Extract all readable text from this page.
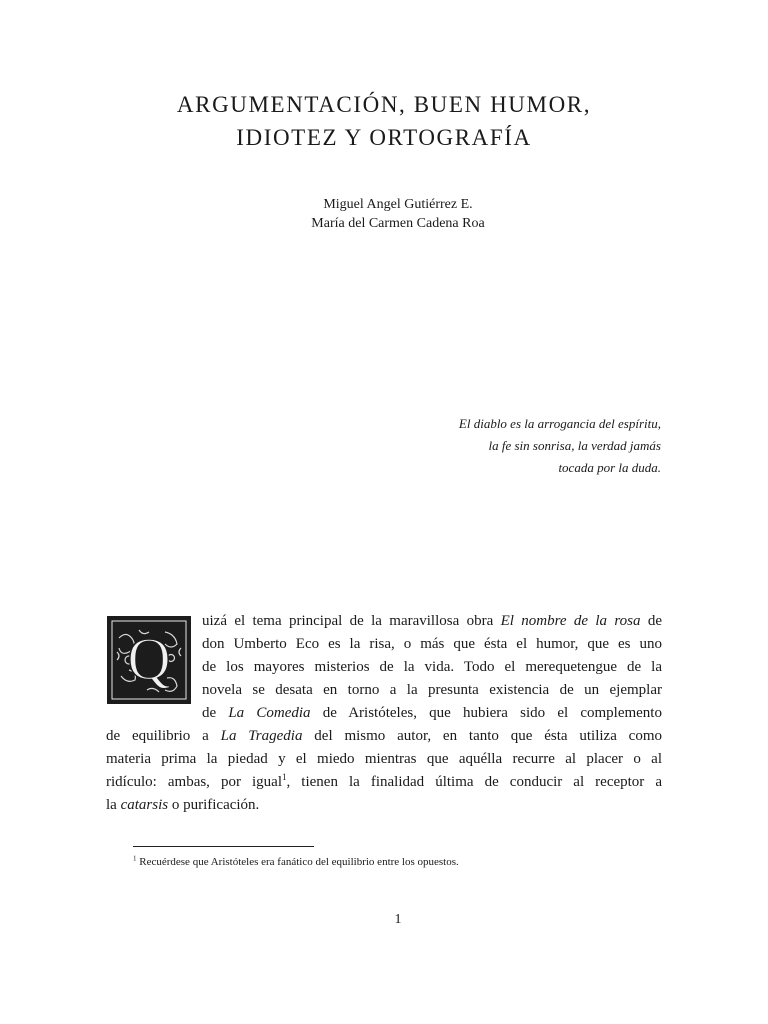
ARGUMENTACIÓN, BUEN HUMOR,
IDIOTEZ Y ORTOGRAFÍA
Miguel Angel Gutiérrez E.
María del Carmen Cadena Roa
El diablo es la arrogancia del espíritu,
la fe sin sonrisa, la verdad jamás
tocada por la duda.
Q
uizá el tema principal de la maravillosa obra El nombre de la rosa de
don Umberto Eco es la risa, o más que ésta el humor, que es uno
de los mayores misterios de la vida. Todo el merequetengue de la
novela se desata en torno a la presunta existencia de un ejemplar
de La Comedia de Aristóteles, que hubiera sido el complemento
de equilibrio a La Tragedia del mismo autor, en tanto que ésta utiliza como
materia prima la piedad y el miedo mientras que aquélla recurre al placer o al
ridículo: ambas, por igual$^1$, tienen la finalidad última de conducir al receptor a
la catarsis o purificación.
$^1$ Recuérdese que Aristóteles era fanático del equilibrio entre los opuestos.
1
